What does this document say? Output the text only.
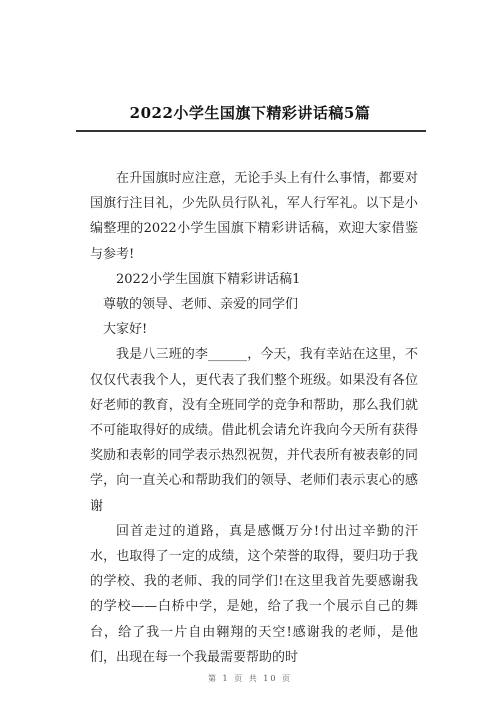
2022小学生国旗下精彩讲话稿5篇

在升国旗时应注意，无论手头上有什么事情，都要对国旗行注目礼，少先队员行队礼，军人行军礼。以下是小编整理的2022小学生国旗下精彩讲话稿，欢迎大家借鉴与参考!

2022小学生国旗下精彩讲话稿1

尊敬的领导、老师、亲爱的同学们

大家好!

我是八三班的李______，今天，我有幸站在这里，不仅仅代表我个人，更代表了我们整个班级。如果没有各位好老师的教育，没有全班同学的竞争和帮助，那么我们就不可能取得好的成绩。借此机会请允许我向今天所有获得奖励和表彰的同学表示热烈祝贺，并代表所有被表彰的同学，向一直关心和帮助我们的领导、老师们表示衷心的感谢

回首走过的道路，真是感慨万分!付出过辛勤的汗水，也取得了一定的成绩，这个荣誉的取得，要归功于我的学校、我的老师、我的同学们!在这里我首先要感谢我的学校——白桥中学，是她，给了我一个展示自己的舞台，给了我一片自由翱翔的天空!感谢我的老师，是他们，出现在每一个我最需要帮助的时

第 1 页 共 10 页
